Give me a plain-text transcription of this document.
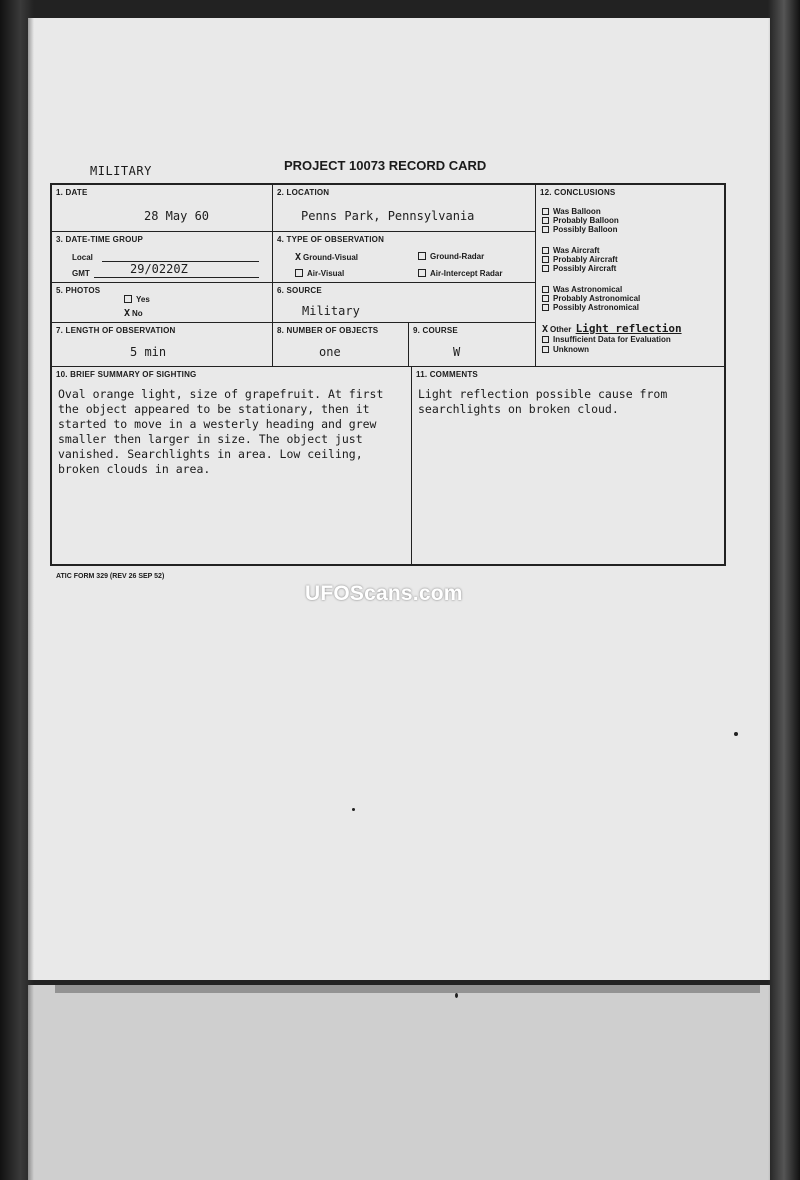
MILITARY	PROJECT 10073 RECORD CARD
1. DATE
28 May 60
2. LOCATION
Penns Park, Pennsylvania
3. DATE-TIME GROUP
Local
GMT	29/0220Z
4. TYPE OF OBSERVATION
X Ground-Visual	Ground-Radar
Air-Visual	Air-Intercept Radar
5. PHOTOS
Yes
X No
6. SOURCE
Military
7. LENGTH OF OBSERVATION
5 min
8. NUMBER OF OBJECTS
one
9. COURSE
W
12. CONCLUSIONS
Was Balloon
Probably Balloon
Possibly Balloon
Was Aircraft
Probably Aircraft
Possibly Aircraft
Was Astronomical
Probably Astronomical
Possibly Astronomical
X Other Light reflection
Insufficient Data for Evaluation
Unknown
10. BRIEF SUMMARY OF SIGHTING
Oval orange light, size of grapefruit. At first
the object appeared to be stationary, then it
started to move in a westerly heading and grew
smaller then larger in size. The object just
vanished. Searchlights in area. Low ceiling,
broken clouds in area.
11. COMMENTS
Light reflection possible cause from
searchlights on broken cloud.
ATIC FORM 329 (REV 26 SEP 52)
UFOScans.com
